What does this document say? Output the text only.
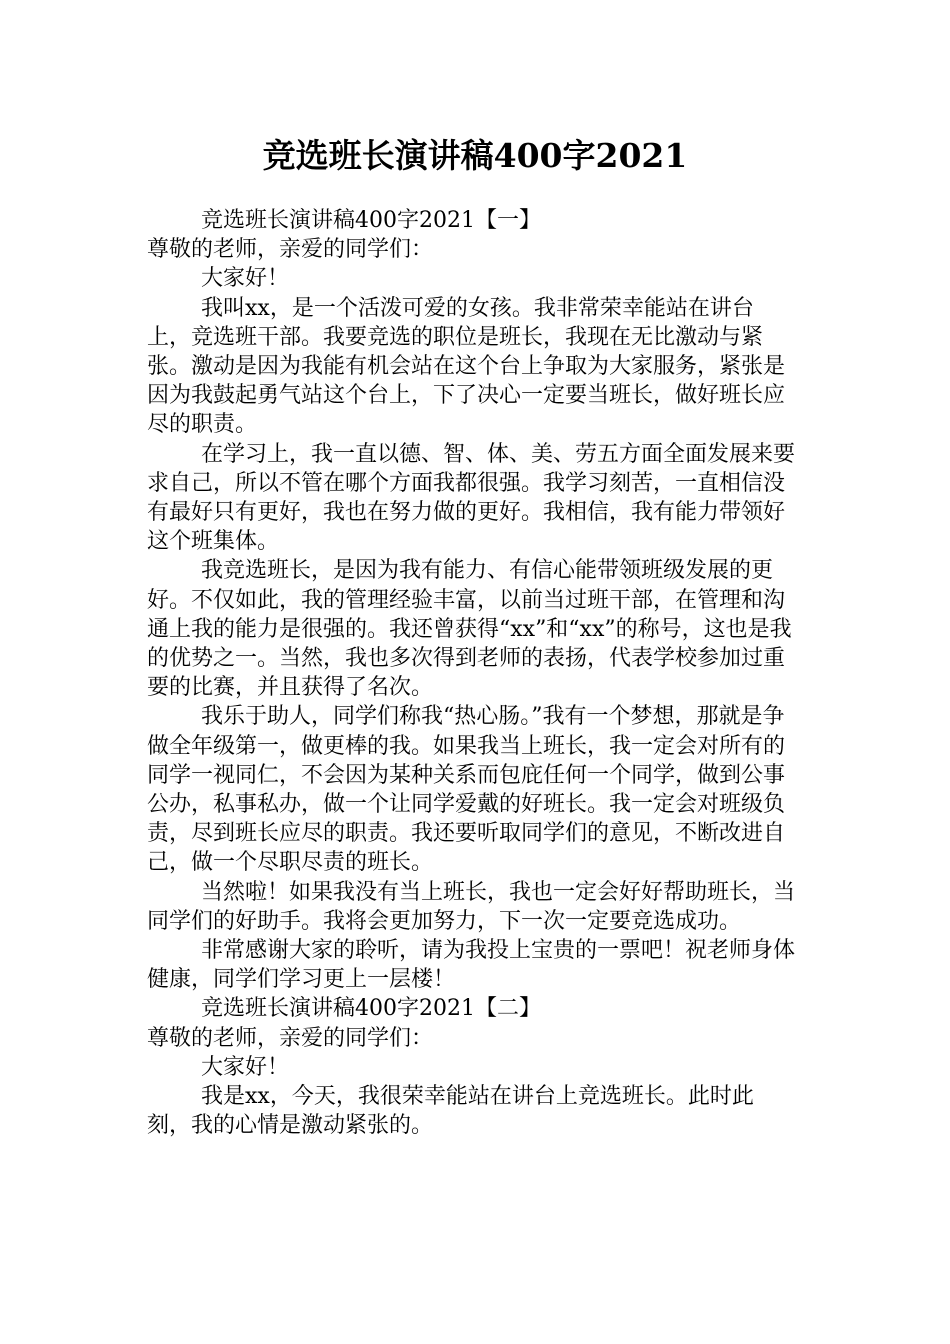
竞选班长演讲稿400字2021

竞选班长演讲稿400字2021【一】

尊敬的老师，亲爱的同学们：

大家好！

我叫xx，是一个活泼可爱的女孩。我非常荣幸能站在讲台上，竞选班干部。我要竞选的职位是班长，我现在无比激动与紧张。激动是因为我能有机会站在这个台上争取为大家服务，紧张是因为我鼓起勇气站这个台上，下了决心一定要当班长，做好班长应尽的职责。

在学习上，我一直以德、智、体、美、劳五方面全面发展来要求自己，所以不管在哪个方面我都很强。我学习刻苦，一直相信没有最好只有更好，我也在努力做的更好。我相信，我有能力带领好这个班集体。

我竞选班长，是因为我有能力、有信心能带领班级发展的更好。不仅如此，我的管理经验丰富，以前当过班干部，在管理和沟通上我的能力是很强的。我还曾获得“xx”和“xx”的称号，这也是我的优势之一。当然，我也多次得到老师的表扬，代表学校参加过重要的比赛，并且获得了名次。

我乐于助人，同学们称我“热心肠。”我有一个梦想，那就是争做全年级第一，做更棒的我。如果我当上班长，我一定会对所有的同学一视同仁，不会因为某种关系而包庇任何一个同学，做到公事公办，私事私办，做一个让同学爱戴的好班长。我一定会对班级负责，尽到班长应尽的职责。我还要听取同学们的意见，不断改进自己，做一个尽职尽责的班长。

当然啦！如果我没有当上班长，我也一定会好好帮助班长，当同学们的好助手。我将会更加努力，下一次一定要竞选成功。

非常感谢大家的聆听，请为我投上宝贵的一票吧！祝老师身体健康，同学们学习更上一层楼！

竞选班长演讲稿400字2021【二】

尊敬的老师，亲爱的同学们：

大家好！

我是xx，今天，我很荣幸能站在讲台上竞选班长。此时此刻，我的心情是激动紧张的。
